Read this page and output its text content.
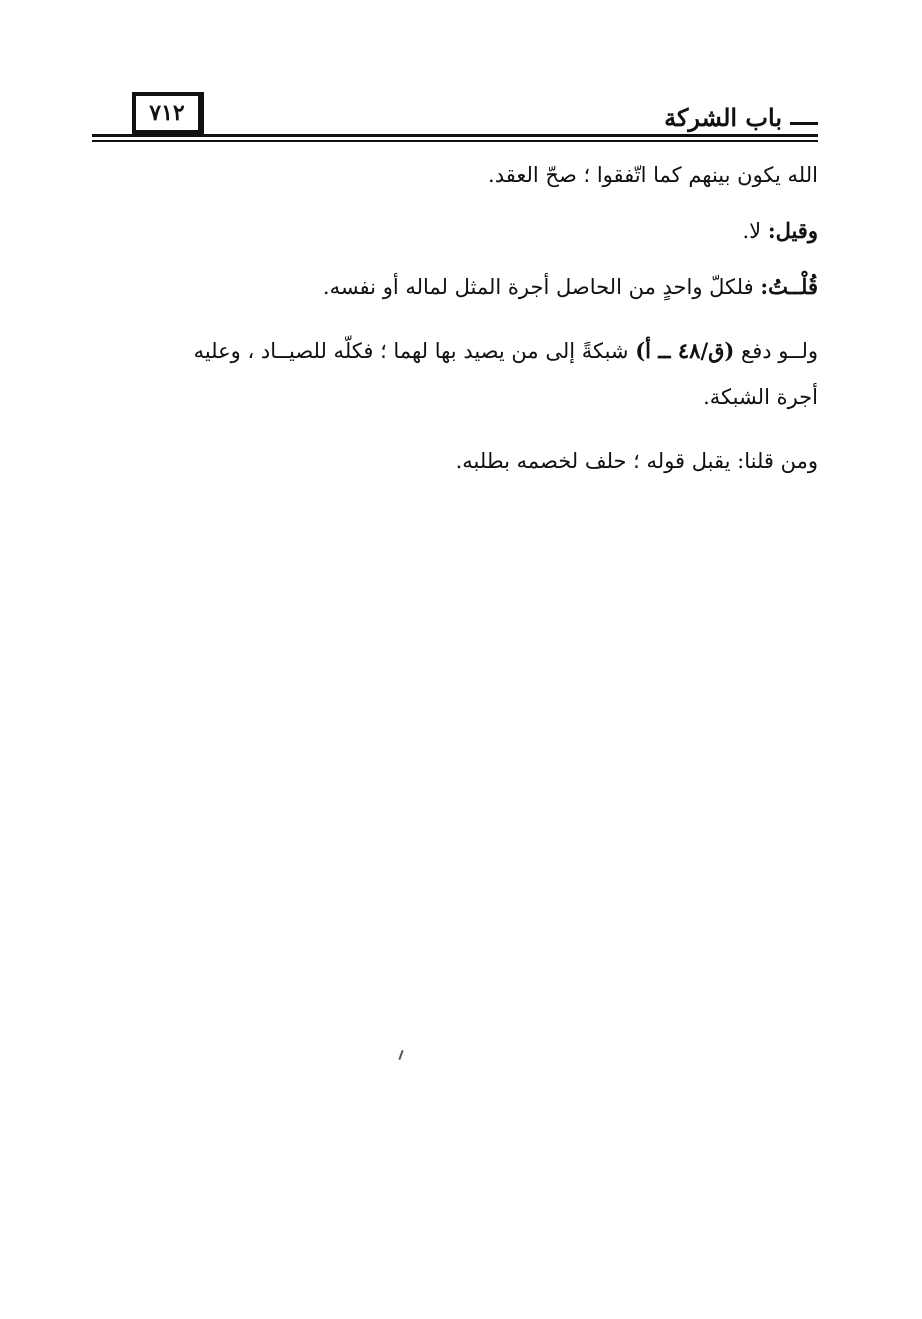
٧١٢	باب الشركة

الله يكون بينهم كما اتّفقوا ؛ صحّ العقد.

وقيل: لا.

قُلْــتُ: فلكلّ واحدٍ من الحاصل أجرة المثل لماله أو نفسه.

ولــو دفع (ق/٤٨ ــ أ) شبكةً إلى من يصيد بها لهما ؛ فكلّه للصيــاد ، وعليه
أجرة الشبكة.

ومن قلنا: يقبل قوله ؛ حلف لخصمه بطلبه.
